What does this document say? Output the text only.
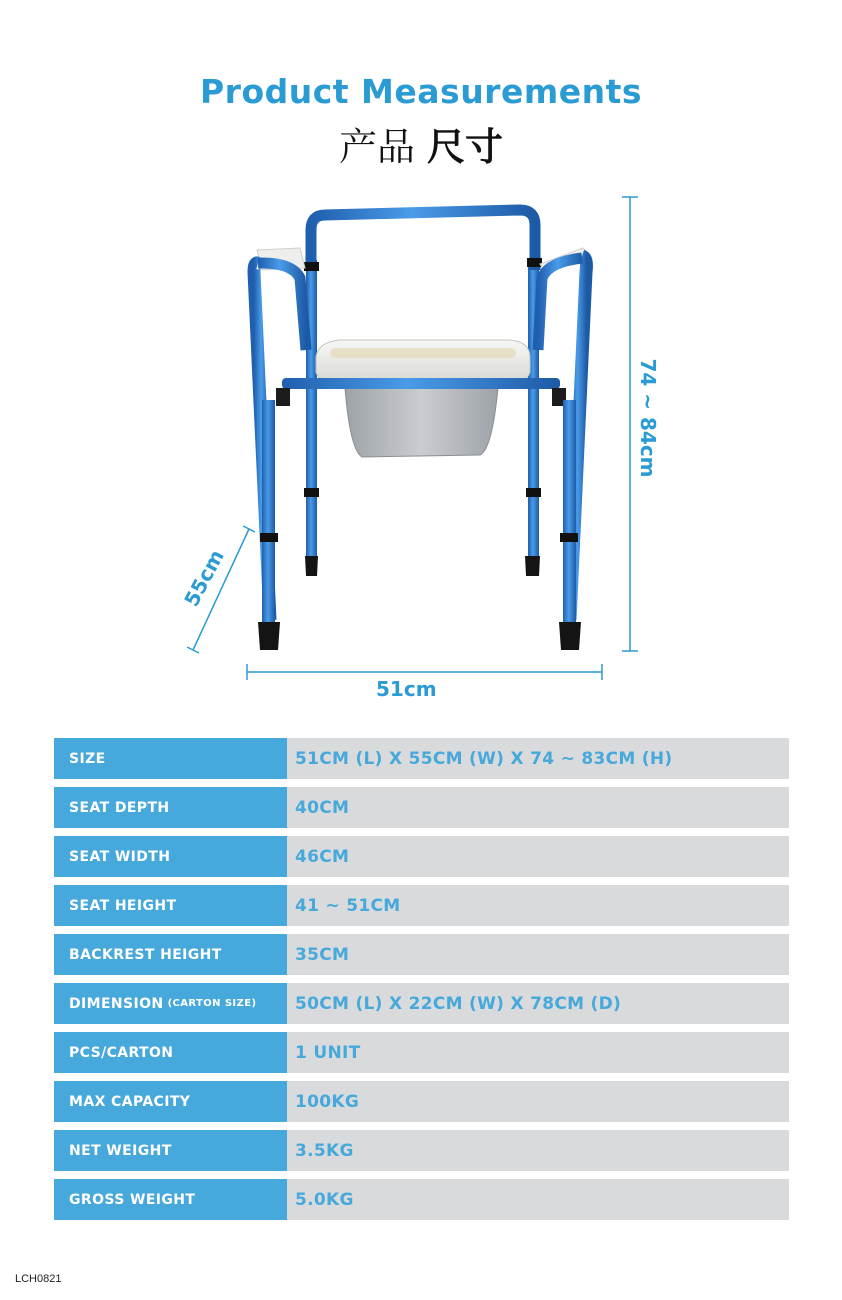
Product Measurements
产品 尺寸
51cm
74 ~ 84cm
55cm
SIZE	51CM (L) X 55CM (W) X 74 ~ 83CM (H)
SEAT DEPTH	40CM
SEAT WIDTH	46CM
SEAT HEIGHT	41 ~ 51CM
BACKREST HEIGHT	35CM
DIMENSION (CARTON SIZE)	50CM (L) X 22CM (W) X 78CM (D)
PCS/CARTON	1 UNIT
MAX CAPACITY	100KG
NET WEIGHT	3.5KG
GROSS WEIGHT	5.0KG
LCH0821
